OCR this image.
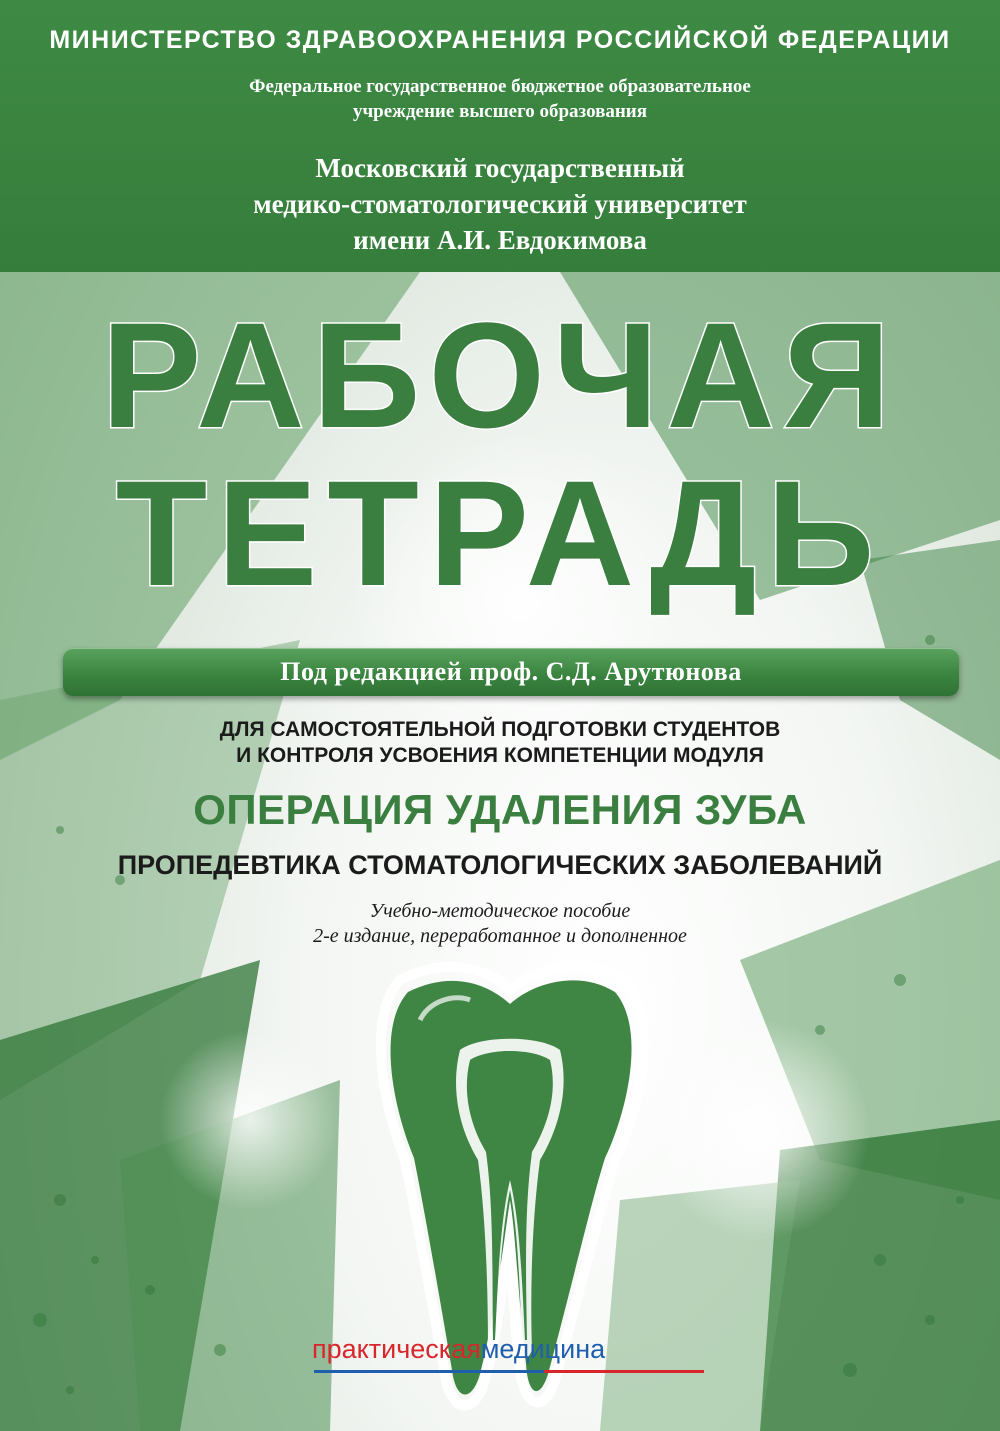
МИНИСТЕРСТВО ЗДРАВООХРАНЕНИЯ РОССИЙСКОЙ ФЕДЕРАЦИИ
Федеральное государственное бюджетное образовательное
учреждение высшего образования
Московский государственный
медико-стоматологический университет
имени А.И. Евдокимова
РАБОЧАЯ
ТЕТРАДЬ
Под редакцией проф. С.Д. Арутюнова
ДЛЯ САМОСТОЯТЕЛЬНОЙ ПОДГОТОВКИ СТУДЕНТОВ
И КОНТРОЛЯ УСВОЕНИЯ КОМПЕТЕНЦИИ МОДУЛЯ
ОПЕРАЦИЯ УДАЛЕНИЯ ЗУБА
ПРОПЕДЕВТИКА СТОМАТОЛОГИЧЕСКИХ ЗАБОЛЕВАНИЙ
Учебно-методическое пособие
2-е издание, переработанное и дополненное
практическаямедицина
